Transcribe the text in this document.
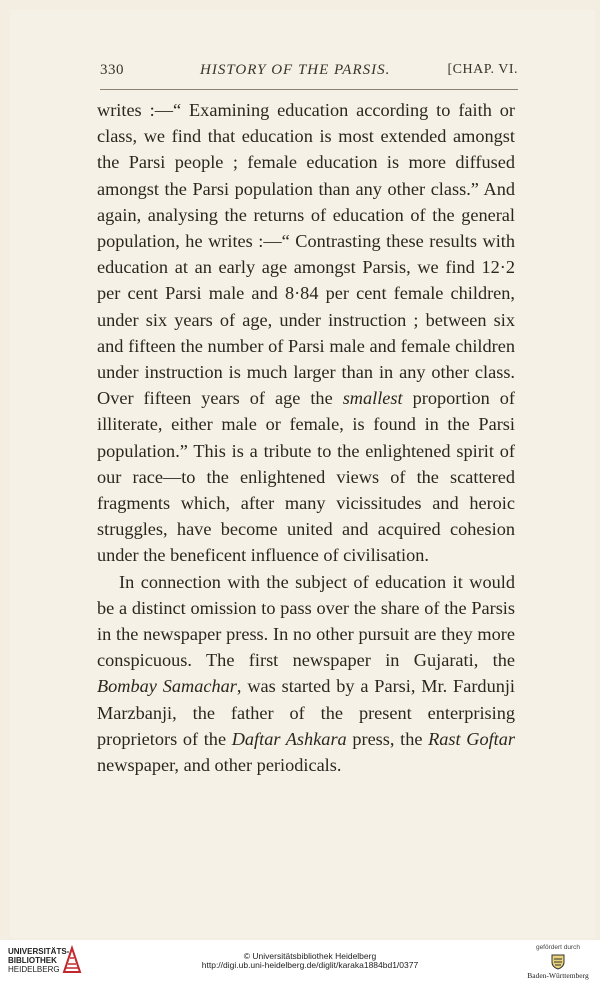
330	HISTORY OF THE PARSIS.	[CHAP. VI.

writes :—“ Examining education according to faith or class, we find that education is most extended amongst the Parsi people ; female education is more diffused amongst the Parsi population than any other class.” And again, analysing the returns of education of the general population, he writes :—“ Contrasting these results with education at an early age amongst Parsis, we find 12·2 per cent Parsi male and 8·84 per cent female children, under six years of age, under instruction ; between six and fifteen the number of Parsi male and female children under instruction is much larger than in any other class. Over fifteen years of age the smallest proportion of illiterate, either male or female, is found in the Parsi population.” This is a tribute to the enlightened spirit of our race—to the enlightened views of the scattered fragments which, after many vicissitudes and heroic struggles, have become united and acquired cohesion under the beneficent influence of civilisation.

In connection with the subject of education it would be a distinct omission to pass over the share of the Parsis in the newspaper press. In no other pursuit are they more conspicuous. The first newspaper in Gujarati, the Bombay Samachar, was started by a Parsi, Mr. Fardunji Marzbanji, the father of the present enterprising proprietors of the Daftar Ashkara press, the Rast Goftar newspaper, and other periodicals.

UNIVERSITÄTS-
BIBLIOTHEK
HEIDELBERG
© Universitätsbibliothek Heidelberg
http://digi.ub.uni-heidelberg.de/diglit/karaka1884bd1/0377
gefördert durch
Baden-Württemberg
